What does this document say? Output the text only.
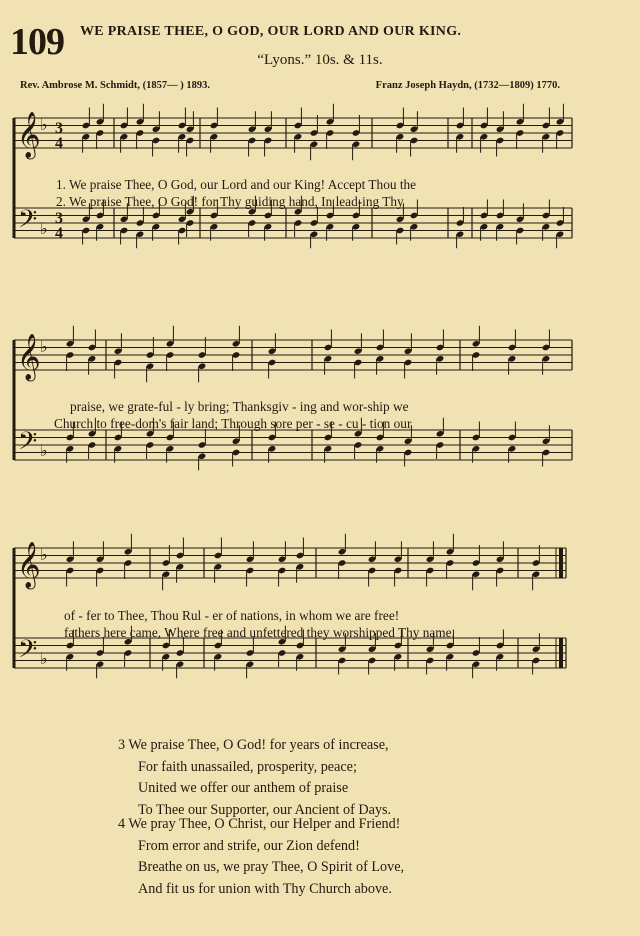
109 WE PRAISE THEE, O GOD, OUR LORD AND OUR KING.
“Lyons.” 10s. & 11s.
Rev. Ambrose M. Schmidt, (1857— ) 1893.	Franz Joseph Haydn, (1732—1809) 1770.
𝄞
𝄢
♭
♭
3
4
3
4
𝄞
𝄢
♭
♭
𝄞
𝄢
♭
♭
1. We praise Thee, O God, our Lord and our King! Accept Thou the
2. We praise Thee, O God! for Thy guiding hand, In lead-ing Thy
praise, we grate-ful - ly bring; Thanksgiv - ing and wor-ship we
Church to free-dom's fair land; Through sore per - se - cu - tion our
of - fer to Thee, Thou Rul - er of nations, in whom we are free!
fathers here came, Where free and unfettered they worshipped Thy name.
3 We praise Thee, O God! for years of increase,
For faith unassailed, prosperity, peace;
United we offer our anthem of praise
To Thee our Supporter, our Ancient of Days.
4 We pray Thee, O Christ, our Helper and Friend!
From error and strife, our Zion defend!
Breathe on us, we pray Thee, O Spirit of Love,
And fit us for union with Thy Church above.
